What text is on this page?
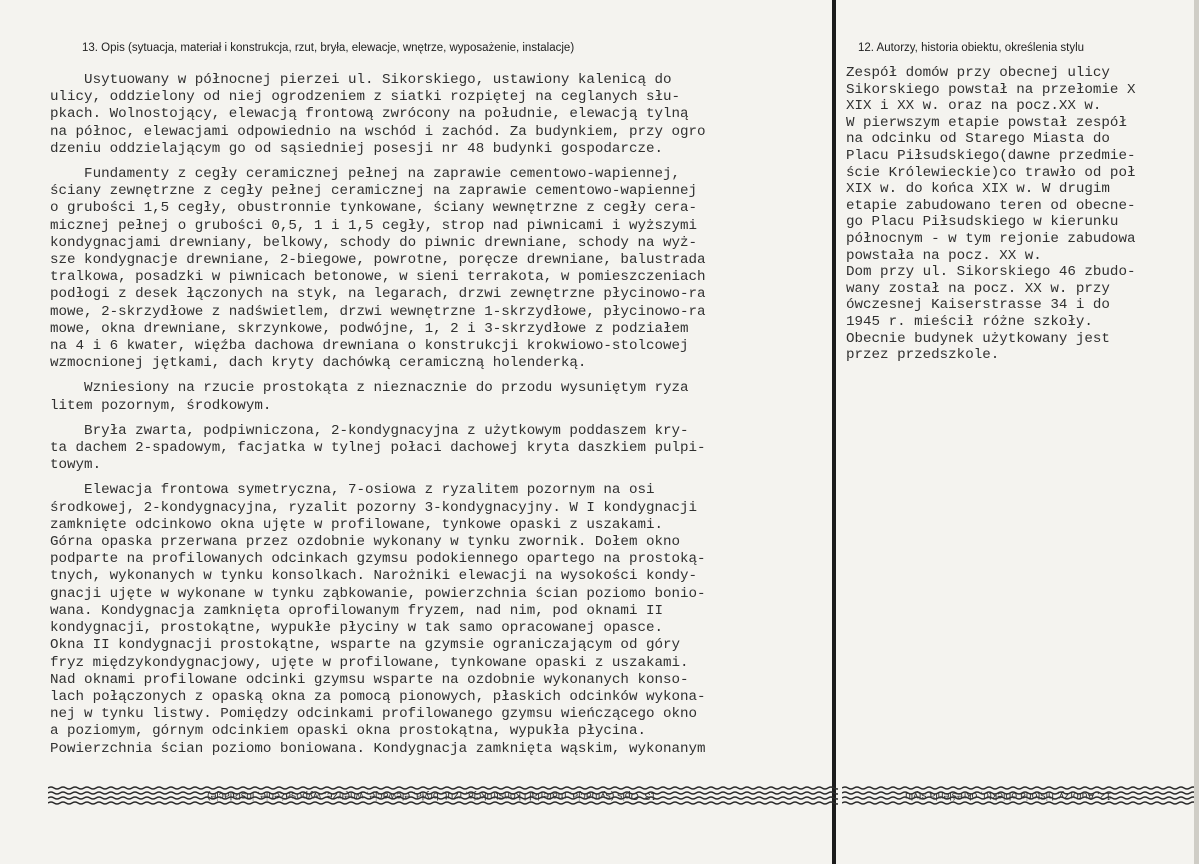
13. Opis (sytuacja, materiał i konstrukcja, rzut, bryła, elewacje, wnętrze, wyposażenie, instalacje)	12. Autorzy, historia obiektu, określenia stylu
Usytuowany w północnej pierzei ul. Sikorskiego, ustawiony kalenicą do
ulicy, oddzielony od niej ogrodzeniem z siatki rozpiętej na ceglanych słu-
pkach. Wolnostojący, elewacją frontową zwrócony na południe, elewacją tylną
na północ, elewacjami odpowiednio na wschód i zachód. Za budynkiem, przy ogro
dzeniu oddzielającym go od sąsiedniej posesji nr 48 budynki gospodarcze.
Fundamenty z cegły ceramicznej pełnej na zaprawie cementowo-wapiennej,
ściany zewnętrzne z cegły pełnej ceramicznej na zaprawie cementowo-wapiennej
o grubości 1,5 cegły, obustronnie tynkowane, ściany wewnętrzne z cegły cera-
micznej pełnej o grubości 0,5, 1 i 1,5 cegły, strop nad piwnicami i wyższymi
kondygnacjami drewniany, belkowy, schody do piwnic drewniane, schody na wyż-
sze kondygnacje drewniane, 2-biegowe, powrotne, poręcze drewniane, balustrada
tralkowa, posadzki w piwnicach betonowe, w sieni terrakota, w pomieszczeniach
podłogi z desek łączonych na styk, na legarach, drzwi zewnętrzne płycinowo-ra
mowe, 2-skrzydłowe z nadświetlem, drzwi wewnętrzne 1-skrzydłowe, płycinowo-ra
mowe, okna drewniane, skrzynkowe, podwójne, 1, 2 i 3-skrzydłowe z podziałem
na 4 i 6 kwater, więźba dachowa drewniana o konstrukcji krokwiowo-stolcowej
wzmocnionej jętkami, dach kryty dachówką ceramiczną holenderką.
Wzniesiony na rzucie prostokąta z nieznacznie do przodu wysuniętym ryza
litem pozornym, środkowym.
Bryła zwarta, podpiwniczona, 2-kondygnacyjna z użytkowym poddaszem kry-
ta dachem 2-spadowym, facjatka w tylnej połaci dachowej kryta daszkiem pulpi-
towym.
Elewacja frontowa symetryczna, 7-osiowa z ryzalitem pozornym na osi
środkowej, 2-kondygnacyjna, ryzalit pozorny 3-kondygnacyjny. W I kondygnacji
zamknięte odcinkowo okna ujęte w profilowane, tynkowe opaski z uszakami.
Górna opaska przerwana przez ozdobnie wykonany w tynku zwornik. Dołem okno
podparte na profilowanych odcinkach gzymsu podokiennego opartego na prostoką-
tnych, wykonanych w tynku konsolkach. Narożniki elewacji na wysokości kondy-
gnacji ujęte w wykonane w tynku ząbkowanie, powierzchnia ścian poziomo bonio-
wana. Kondygnacja zamknięta oprofilowanym fryzem, nad nim, pod oknami II
kondygnacji, prostokątne, wypukłe płyciny w tak samo opracowanej opasce.
Okna II kondygnacji prostokątne, wsparte na gzymsie ograniczającym od góry
fryz międzykondygnacjowy, ujęte w profilowane, tynkowane opaski z uszakami.
Nad oknami profilowane odcinki gzymsu wsparte na ozdobnie wykonanych konso-
lach połączonych z opaską okna za pomocą pionowych, płaskich odcinków wykona-
nej w tynku listwy. Pomiędzy odcinkami profilowanego gzymsu wieńczącego okno
a poziomym, górnym odcinkiem opaski okna prostokątna, wypukła płycina.
Powierzchnia ścian poziomo boniowana. Kondygnacja zamknięta wąskim, wykonanym
Zespół domów przy obecnej ulicy
Sikorskiego powstał na przełomie X
XIX i XX w. oraz na pocz.XX w.
W pierwszym etapie powstał zespół
na odcinku od Starego Miasta do
Placu Piłsudskiego(dawne przedmie-
ście Królewieckie)co trawło od poł
XIX w. do końca XIX w. W drugim
etapie zabudowano teren od obecne-
go Placu Piłsudskiego w kierunku
północnym - w tym rejonie zabudowa
powstała na pocz. XX w.
Dom przy ul. Sikorskiego 46 zbudo-
wany został na pocz. XX w. przy
ówczesnej Kaiserstrasse 34 i do
1945 r. mieścił różne szkoły.
Obecnie budynek użytkowany jest
przez przedszkole.
13. Opis (sytuacja, materiał i konstrukcja, rzut, bryła, elewacje, wnętrze, wyposażenie, instalacje)	12. Autorzy, historia obiektu, określenia stylu
